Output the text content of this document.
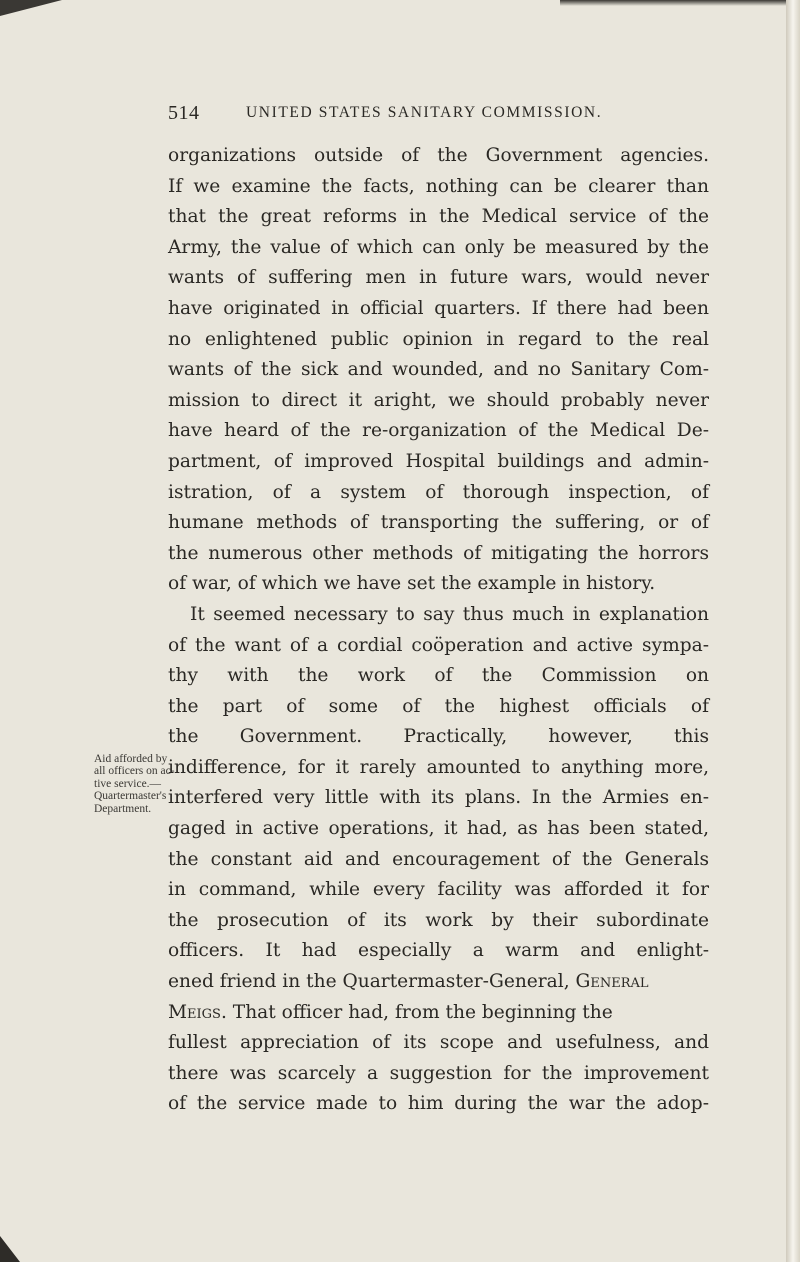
514	UNITED STATES SANITARY COMMISSION.
Aid afforded by
all officers on ac-
tive service.—
Quartermaster's
Department.
organizations outside of the Government agencies.
If we examine the facts, nothing can be clearer than
that the great reforms in the Medical service of the
Army, the value of which can only be measured by the
wants of suffering men in future wars, would never
have originated in official quarters. If there had been
no enlightened public opinion in regard to the real
wants of the sick and wounded, and no Sanitary Com-
mission to direct it aright, we should probably never
have heard of the re-organization of the Medical De-
partment, of improved Hospital buildings and admin-
istration, of a system of thorough inspection, of
humane methods of transporting the suffering, or of
the numerous other methods of mitigating the horrors
of war, of which we have set the example in history.
It seemed necessary to say thus much in explanation
of the want of a cordial coöperation and active sympa-
thy with the work of the Commission on
the part of some of the highest officials of
the Government. Practically, however, this
indifference, for it rarely amounted to anything more,
interfered very little with its plans. In the Armies en-
gaged in active operations, it had, as has been stated,
the constant aid and encouragement of the Generals
in command, while every facility was afforded it for
the prosecution of its work by their subordinate
officers. It had especially a warm and enlight-
ened friend in the Quartermaster-General, General
Meigs. That officer had, from the beginning the
fullest appreciation of its scope and usefulness, and
there was scarcely a suggestion for the improvement
of the service made to him during the war the adop-
